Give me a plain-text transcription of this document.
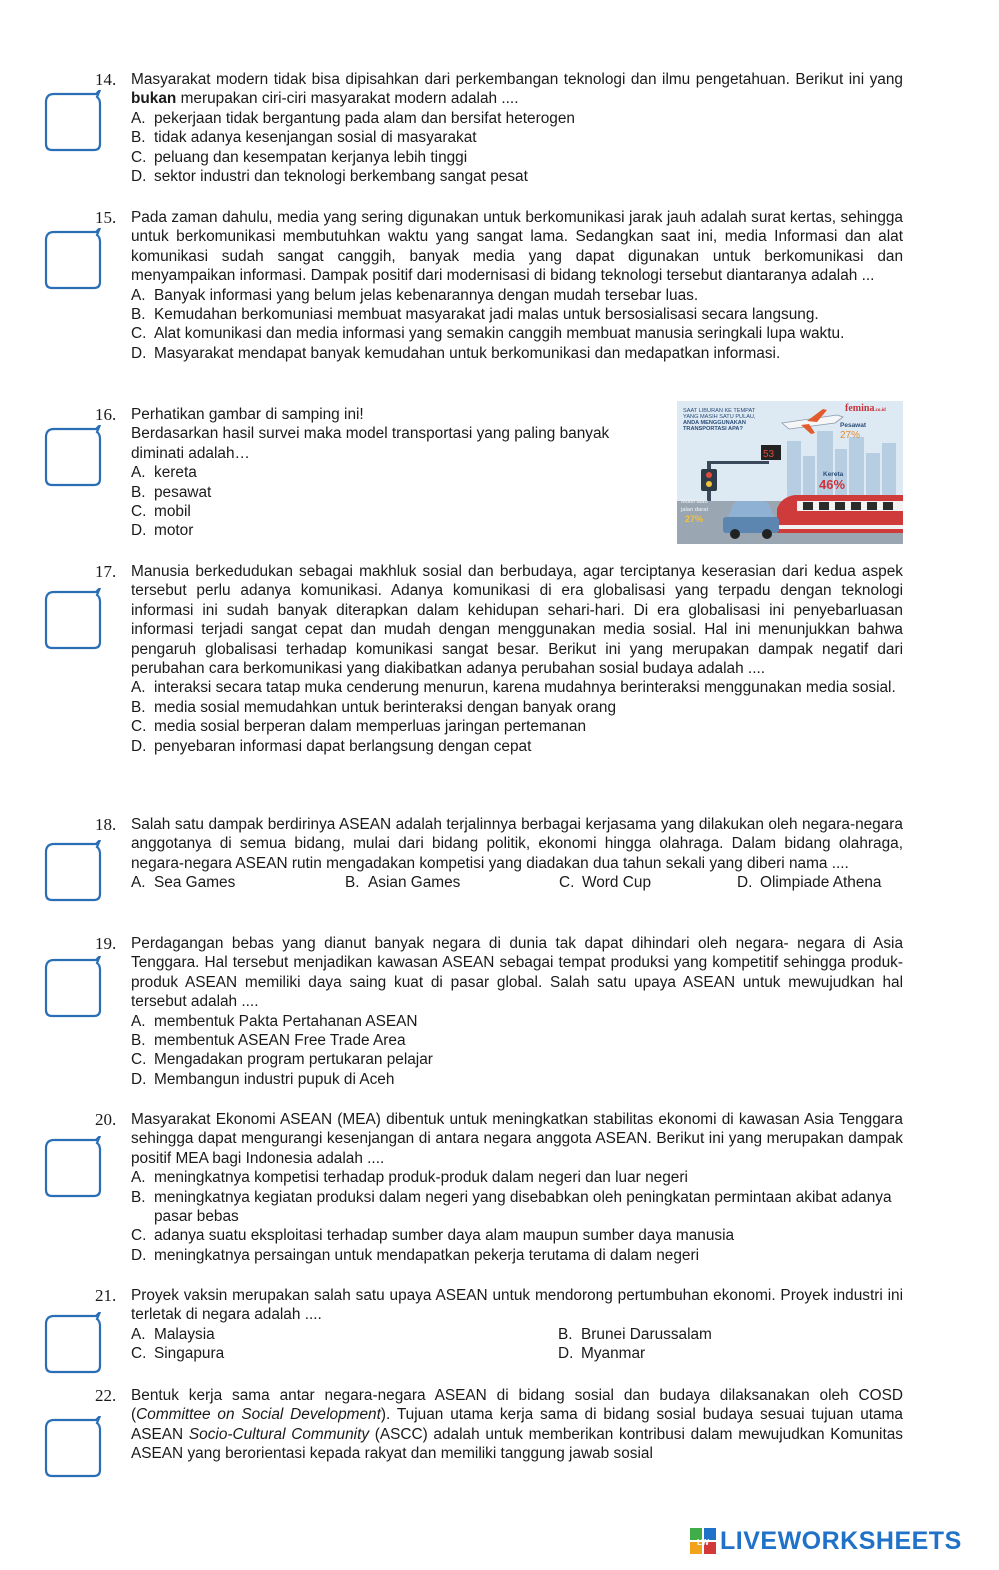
14. Masyarakat modern tidak bisa dipisahkan dari perkembangan teknologi dan ilmu pengetahuan. Berikut ini yang bukan merupakan ciri-ciri masyarakat modern adalah ....
A. pekerjaan tidak bergantung pada alam dan bersifat heterogen
B. tidak adanya kesenjangan sosial di masyarakat
C. peluang dan kesempatan kerjanya lebih tinggi
D. sektor industri dan teknologi berkembang sangat pesat
15. Pada zaman dahulu, media yang sering digunakan untuk berkomunikasi jarak jauh adalah surat kertas, sehingga untuk berkomunikasi membutuhkan waktu yang sangat lama. Sedangkan saat ini, media Informasi dan alat komunikasi sudah sangat canggih, banyak media yang dapat digunakan untuk berkomunikasi dan menyampaikan informasi. Dampak positif dari modernisasi di bidang teknologi tersebut diantaranya adalah ...
A. Banyak informasi yang belum jelas kebenarannya dengan mudah tersebar luas.
B. Kemudahan berkomuniasi membuat masyarakat jadi malas untuk bersosialisasi secara langsung.
C. Alat komunikasi dan media informasi yang semakin canggih membuat manusia seringkali lupa waktu.
D. Masyarakat mendapat banyak kemudahan untuk berkomunikasi dan medapatkan informasi.
16. Perhatikan gambar di samping ini!
Berdasarkan hasil survei maka model transportasi yang paling banyak diminati adalah…
A. kereta
B. pesawat
C. mobil
D. motor
SAAT LIBURAN KE TEMPAT
YANG MASIH SATU PULAU,
ANDA MENGGUNAKAN
TRANSPORTASI APA?
femina.co.id
Pesawat
27%
53
Kereta
46%
Mobil atau jalan darat
27%
17. Manusia berkedudukan sebagai makhluk sosial dan berbudaya, agar terciptanya keserasian dari kedua aspek tersebut perlu adanya komunikasi. Adanya komunikasi di era globalisasi yang terpadu dengan teknologi informasi ini sudah banyak diterapkan dalam kehidupan sehari-hari. Di era globalisasi ini penyebarluasan informasi terjadi sangat cepat dan mudah dengan menggunakan media sosial. Hal ini menunjukkan bahwa pengaruh globalisasi terhadap komunikasi sangat besar. Berikut ini yang merupakan dampak negatif dari perubahan cara berkomunikasi yang diakibatkan adanya perubahan sosial budaya adalah ....
A. interaksi secara tatap muka cenderung menurun, karena mudahnya berinteraksi menggunakan media sosial.
B. media sosial memudahkan untuk berinteraksi dengan banyak orang
C. media sosial berperan dalam memperluas jaringan pertemanan
D. penyebaran informasi dapat berlangsung dengan cepat
18. Salah satu dampak berdirinya ASEAN adalah terjalinnya berbagai kerjasama yang dilakukan oleh negara-negara anggotanya di semua bidang, mulai dari bidang politik, ekonomi hingga olahraga. Dalam bidang olahraga, negara-negara ASEAN rutin mengadakan kompetisi yang diadakan dua tahun sekali yang diberi nama ....
A. Sea Games	B. Asian Games	C. Word Cup	D. Olimpiade Athena
19. Perdagangan bebas yang dianut banyak negara di dunia tak dapat dihindari oleh negara- negara di Asia Tenggara. Hal tersebut menjadikan kawasan ASEAN sebagai tempat produksi yang kompetitif sehingga produk-produk ASEAN memiliki daya saing kuat di pasar global. Salah satu upaya ASEAN untuk mewujudkan hal tersebut adalah ....
A. membentuk Pakta Pertahanan ASEAN
B. membentuk ASEAN Free Trade Area
C. Mengadakan program pertukaran pelajar
D. Membangun industri pupuk di Aceh
20. Masyarakat Ekonomi ASEAN (MEA) dibentuk untuk meningkatkan stabilitas ekonomi di kawasan Asia Tenggara sehingga dapat mengurangi kesenjangan di antara negara anggota ASEAN. Berikut ini yang merupakan dampak positif MEA bagi Indonesia adalah ....
A. meningkatnya kompetisi terhadap produk-produk dalam negeri dan luar negeri
B. meningkatnya kegiatan produksi dalam negeri yang disebabkan oleh peningkatan permintaan akibat adanya pasar bebas
C. adanya suatu eksploitasi terhadap sumber daya alam maupun sumber daya manusia
D. meningkatnya persaingan untuk mendapatkan pekerja terutama di dalam negeri
21. Proyek vaksin merupakan salah satu upaya ASEAN untuk mendorong pertumbuhan ekonomi. Proyek industri ini terletak di negara adalah ....
A. Malaysia	B. Brunei Darussalam
C. Singapura	D. Myanmar
22. Bentuk kerja sama antar negara-negara ASEAN di bidang sosial dan budaya dilaksanakan oleh COSD (Committee on Social Development). Tujuan utama kerja sama di bidang sosial budaya sesuai tujuan utama ASEAN Socio-Cultural Community (ASCC) adalah untuk memberikan kontribusi dalam mewujudkan Komunitas ASEAN yang berorientasi kepada rakyat dan memiliki tanggung jawab sosial
LW LIVEWORKSHEETS
